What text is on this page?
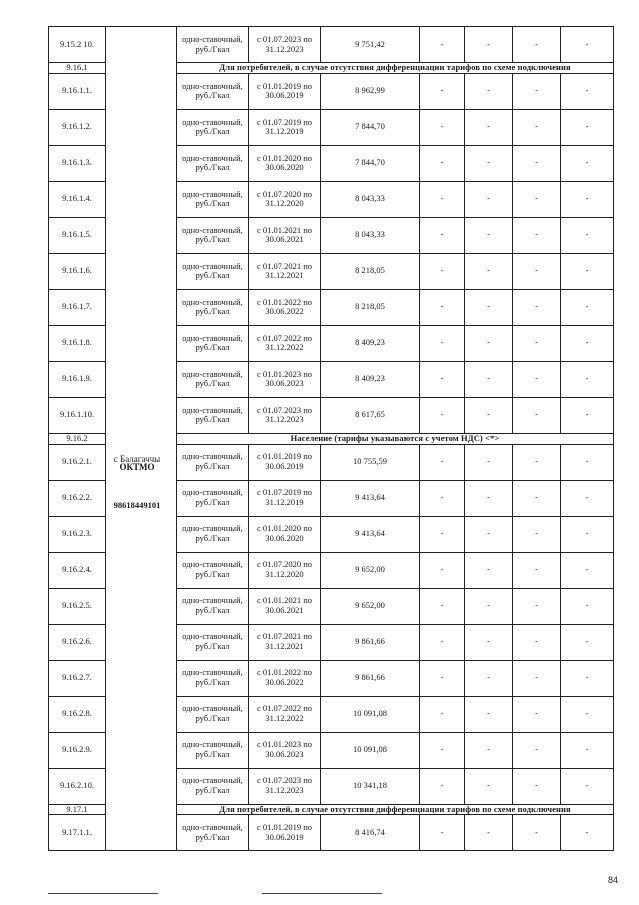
9.15.2 10.		одно-ставочный, руб./Гкал	с 01.07.2023 по 31.12.2023	9 751,42	-	-	-	-
9.16.1		Для потребителей, в случае отсутствия дифференциации тарифов по схеме подключения						
9.16.1.1.		одно-ставочный, руб./Гкал	с 01.01.2019 по 30.06.2019	8 962,99	-	-	-	-
9.16.1.2.		одно-ставочный, руб./Гкал	с 01.07.2019 по 31.12.2019	7 844,70	-	-	-	-
9.16.1.3.		одно-ставочный, руб./Гкал	с 01.01.2020 по 30.06.2020	7 844,70	-	-	-	-
9.16.1.4.		одно-ставочный, руб./Гкал	с 01.07.2020 по 31.12.2020	8 043,33	-	-	-	-
9.16.1.5.		одно-ставочный, руб./Гкал	с 01.01.2021 по 30.06.2021	8 043,33	-	-	-	-
9.16.1.6.		одно-ставочный, руб./Гкал	с 01.07.2021 по 31.12.2021	8 218,05	-	-	-	-
9.16.1.7.		одно-ставочный, руб./Гкал	с 01.01.2022 по 30.06.2022	8 218,05	-	-	-	-
9.16.1.8.		одно-ставочный, руб./Гкал	с 01.07.2022 по 31.12.2022	8 409,23	-	-	-	-
9.16.1.9.		одно-ставочный, руб./Гкал	с 01.01.2023 по 30.06.2023	8 409,23	-	-	-	-
9.16.1.10.		одно-ставочный, руб./Гкал	с 01.07.2023 по 31.12.2023	8 617,65	-	-	-	-
9.16.2		Население (тарифы указываются с учетом НДС) <*>						
9.16.2.1.		одно-ставочный, руб./Гкал	с 01.01.2019 по 30.06.2019	10 755,59	-	-	-	-
9.16.2.2.		одно-ставочный, руб./Гкал	с 01.07.2019 по 31.12.2019	9 413,64	-	-	-	-
9.16.2.3.		одно-ставочный, руб./Гкал	с 01.01.2020 по 30.06.2020	9 413,64	-	-	-	-
9.16.2.4.		одно-ставочный, руб./Гкал	с 01.07.2020 по 31.12.2020	9 652,00	-	-	-	-
9.16.2.5.		одно-ставочный, руб./Гкал	с 01.01.2021 по 30.06.2021	9 652,00	-	-	-	-
9.16.2.6.		одно-ставочный, руб./Гкал	с 01.07.2021 по 31.12.2021	9 861,66	-	-	-	-
9.16.2.7.		одно-ставочный, руб./Гкал	с 01.01.2022 по 30.06.2022	9 861,66	-	-	-	-
9.16.2.8.		одно-ставочный, руб./Гкал	с 01.07.2022 по 31.12.2022	10 091,08	-	-	-	-
9.16.2.9.		одно-ставочный, руб./Гкал	с 01.01.2023 по 30.06.2023	10 091,08	-	-	-	-
9.16.2.10.		одно-ставочный, руб./Гкал	с 01.07.2023 по 31.12.2023	10 341,18	-	-	-	-
9.17.1		Для потребителей, в случае отсутствия дифференциации тарифов по схеме подключения						
9.17.1.1.		одно-ставочный, руб./Гкал	с 01.01.2019 по 30.06.2019	8 416,74	-	-	-	-
с Балагаччы
ОКТМО
98618449101
84
